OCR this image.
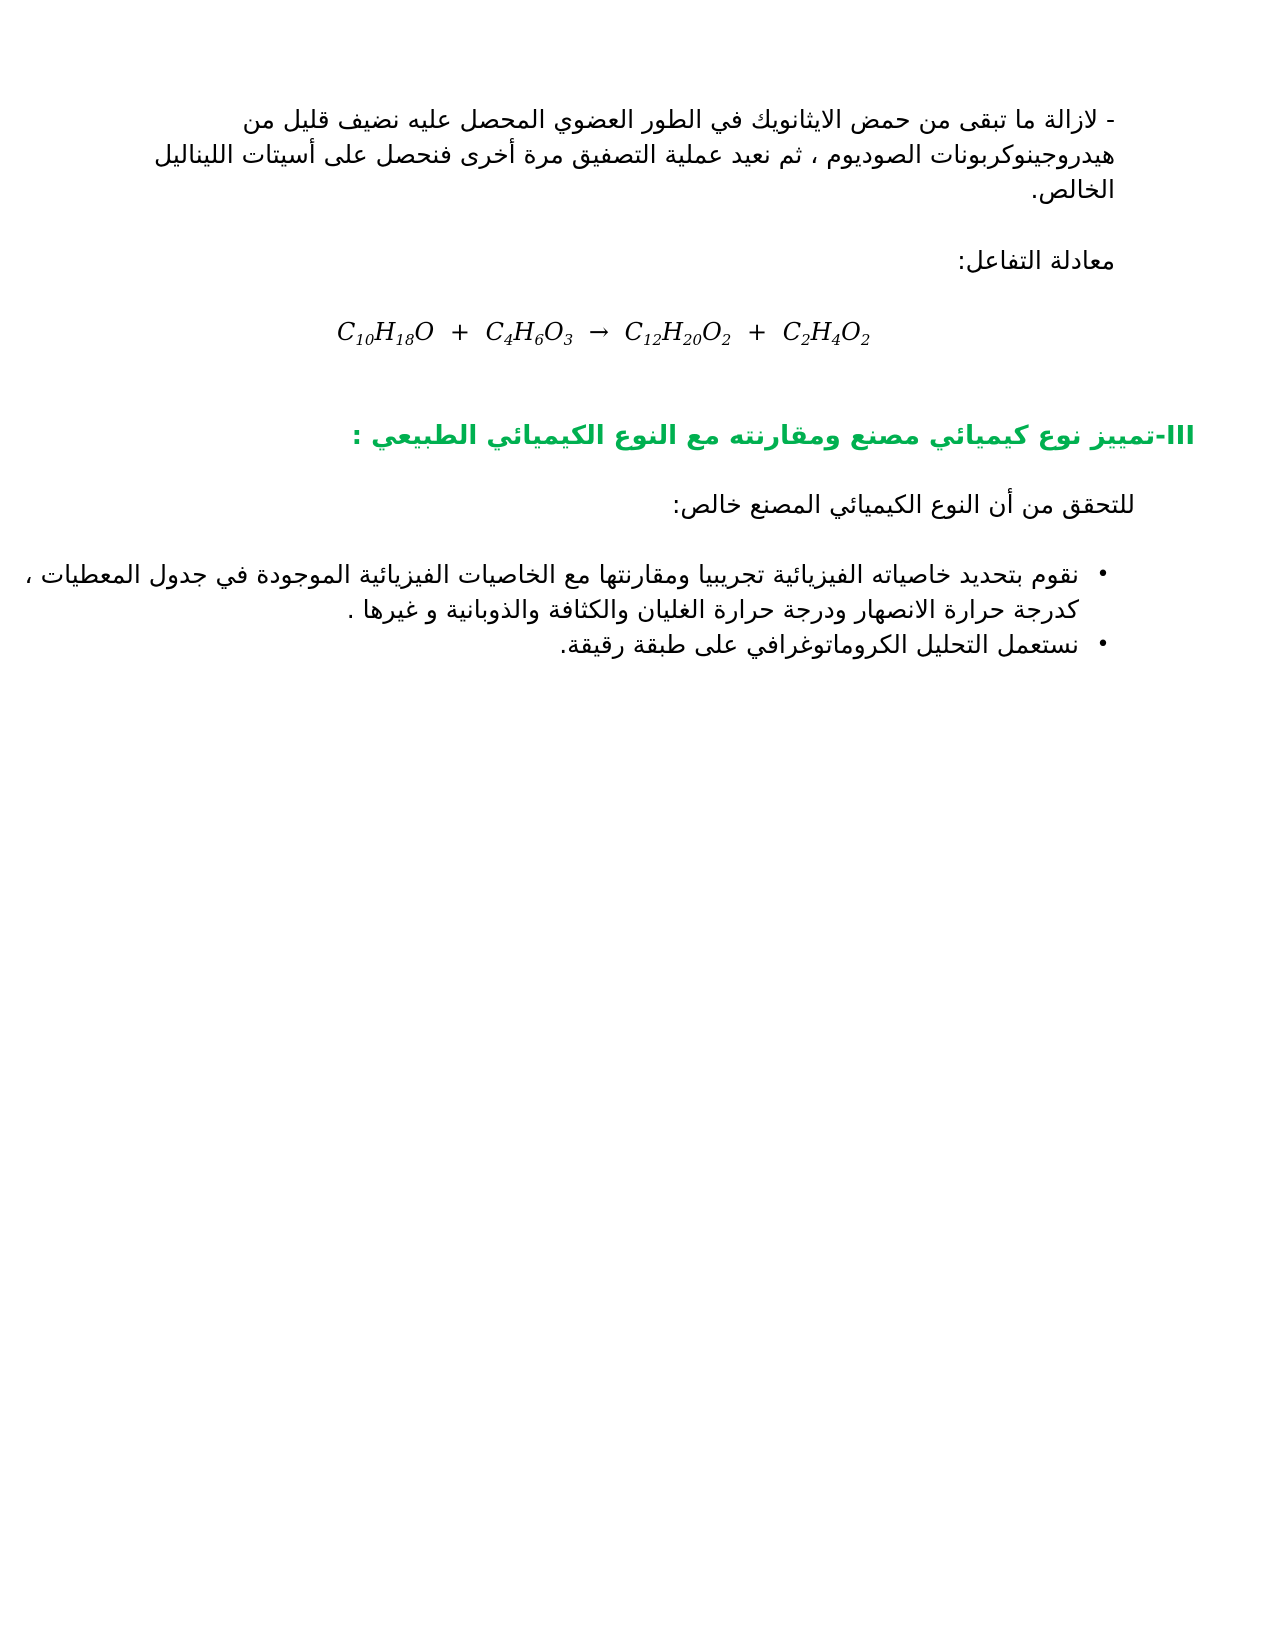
- لازالة ما تبقى من حمض الايثانويك في الطور العضوي المحصل عليه نضيف قليل من هيدروجينوكربونات الصوديوم ، ثم نعيد عملية التصفيق مرة أخرى فنحصل على أسيتات الليناليل الخالص.
معادلة التفاعل:
$C_{10}H_{18}O + C_4H_6O_3 \to C_{12}H_{20}O_2 + C_2H_4O_2$
III-تمييز نوع كيميائي مصنع ومقارنته مع النوع الكيميائي الطبيعي :
للتحقق من أن النوع الكيميائي المصنع خالص:
•
نقوم بتحديد خاصياته الفيزيائية تجريبيا ومقارنتها مع الخاصيات الفيزيائية الموجودة في جدول المعطيات ، كدرجة حرارة الانصهار ودرجة حرارة الغليان والكثافة والذوبانية و غيرها .
•
نستعمل التحليل الكروماتوغرافي على طبقة رقيقة.
